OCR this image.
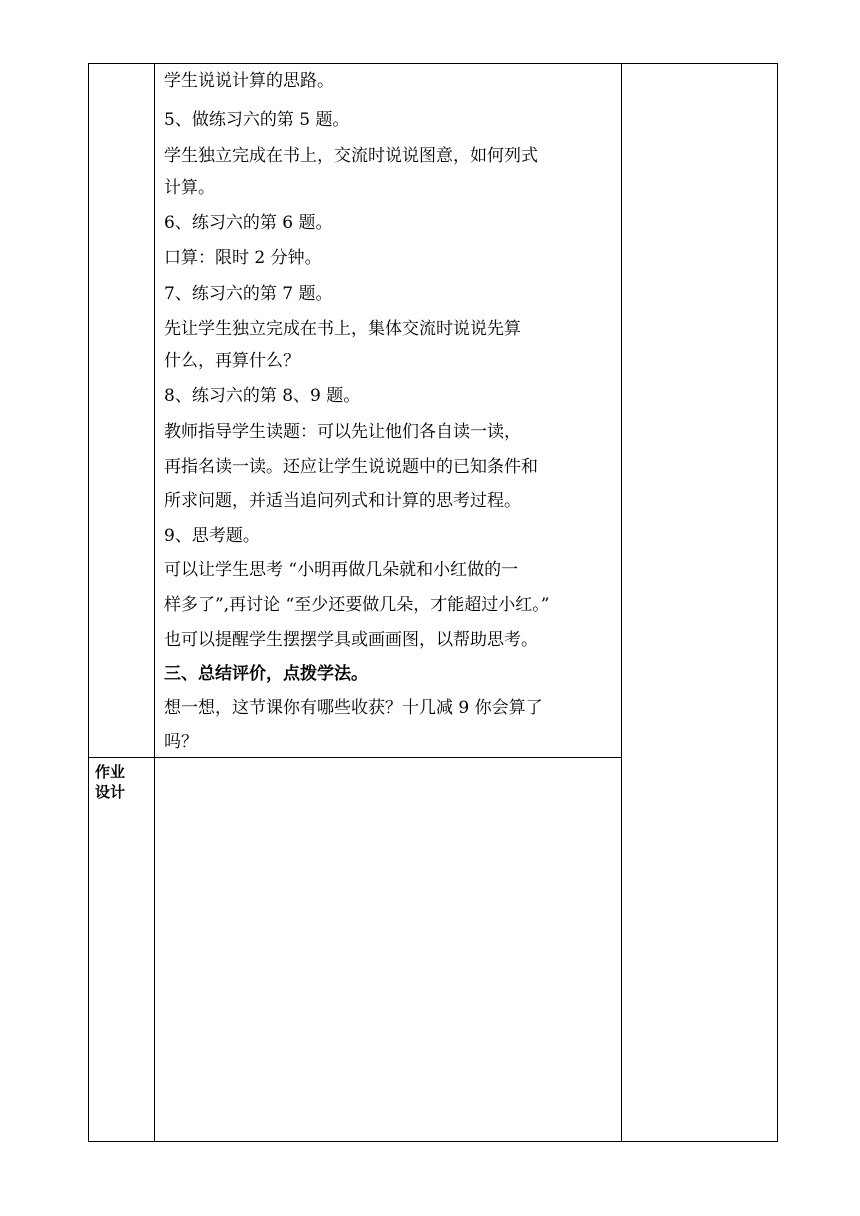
学生说说计算的思路。
5、做练习六的第 5 题。
学生独立完成在书上，交流时说说图意，如何列式
计算。
6、练习六的第 6 题。
口算：限时 2 分钟。
7、练习六的第 7 题。
先让学生独立完成在书上，集体交流时说说先算
什么，再算什么？
8、练习六的第 8、9 题。
教师指导学生读题：可以先让他们各自读一读，
再指名读一读。还应让学生说说题中的已知条件和
所求问题，并适当追问列式和计算的思考过程。
9、思考题。
可以让学生思考 “小明再做几朵就和小红做的一
样多了”,再讨论 “至少还要做几朵，才能超过小红。”
也可以提醒学生摆摆学具或画画图，以帮助思考。
三、总结评价，点拨学法。
想一想，这节课你有哪些收获？十几减 9 你会算了
吗？
作业
设计
